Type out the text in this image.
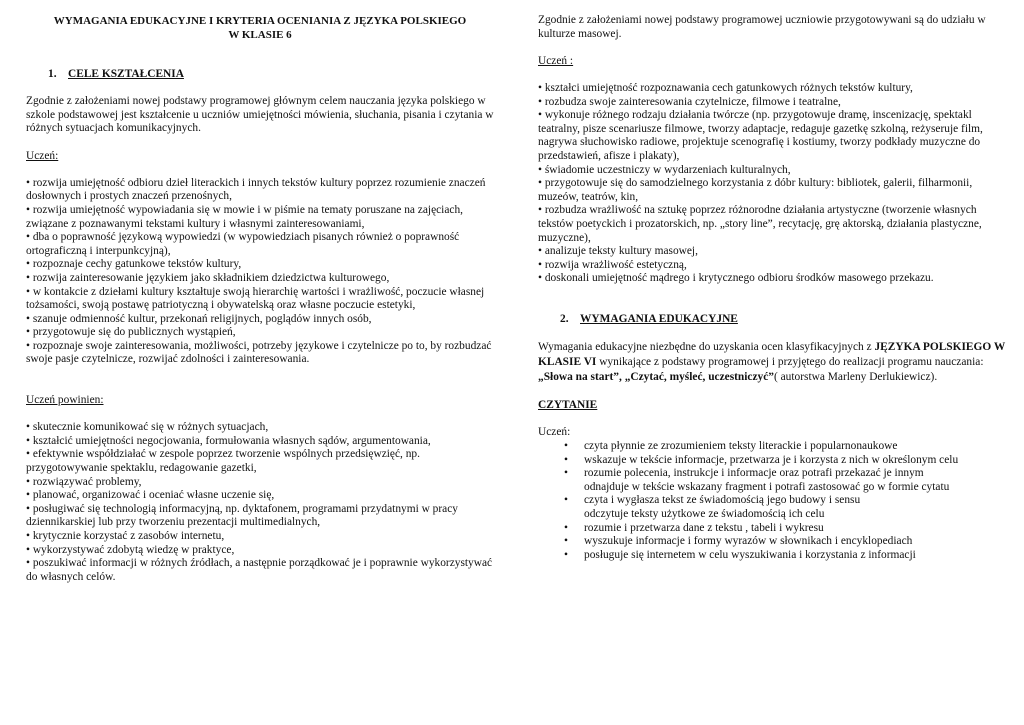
WYMAGANIA EDUKACYJNE I KRYTERIA OCENIANIA Z JĘZYKA POLSKIEGO
W KLASIE 6
1. CELE KSZTAŁCENIA

Zgodnie z założeniami nowej podstawy programowej głównym celem nauczania języka polskiego w szkole podstawowej jest kształcenie u uczniów umiejętności mówienia, słuchania, pisania i czytania w różnych sytuacjach komunikacyjnych.

Uczeń:

• rozwija umiejętność odbioru dzieł literackich i innych tekstów kultury poprzez rozumienie znaczeń dosłownych i prostych znaczeń przenośnych,

• rozwija umiejętność wypowiadania się w mowie i w piśmie na tematy poruszane na zajęciach, związane z poznawanymi tekstami kultury i własnymi zainteresowaniami,

• dba o poprawność językową wypowiedzi (w wypowiedziach pisanych również o poprawność ortograficzną i interpunkcyjną),

• rozpoznaje cechy gatunkowe tekstów kultury,

• rozwija zainteresowanie językiem jako składnikiem dziedzictwa kulturowego,

• w kontakcie z dziełami kultury kształtuje swoją hierarchię wartości i wrażliwość, poczucie własnej tożsamości, swoją postawę patriotyczną i obywatelską oraz własne poczucie estetyki,

• szanuje odmienność kultur, przekonań religijnych, poglądów innych osób,

• przygotowuje się do publicznych wystąpień,

• rozpoznaje swoje zainteresowania, możliwości, potrzeby językowe i czytelnicze po to, by rozbudzać swoje pasje czytelnicze, rozwijać zdolności i zainteresowania.

Uczeń powinien:

• skutecznie komunikować się w różnych sytuacjach,

• kształcić umiejętności negocjowania, formułowania własnych sądów, argumentowania,

• efektywnie współdziałać w zespole poprzez tworzenie wspólnych przedsięwzięć, np. przygotowywanie spektaklu, redagowanie gazetki,

• rozwiązywać problemy,

• planować, organizować i oceniać własne uczenie się,

• posługiwać się technologią informacyjną, np. dyktafonem, programami przydatnymi w pracy dziennikarskiej lub przy tworzeniu prezentacji multimedialnych,

• krytycznie korzystać z zasobów internetu,

• wykorzystywać zdobytą wiedzę w praktyce,

• poszukiwać informacji w różnych źródłach, a następnie porządkować je i poprawnie wykorzystywać do własnych celów.

Zgodnie z założeniami nowej podstawy programowej uczniowie przygotowywani są do udziału w kulturze masowej.

Uczeń :

• kształci umiejętność rozpoznawania cech gatunkowych różnych tekstów kultury,

• rozbudza swoje zainteresowania czytelnicze, filmowe i teatralne,

• wykonuje różnego rodzaju działania twórcze (np. przygotowuje dramę, inscenizację, spektakl teatralny, pisze scenariusze filmowe, tworzy adaptacje, redaguje gazetkę szkolną, reżyseruje film, nagrywa słuchowisko radiowe, projektuje scenografię i kostiumy, tworzy podkłady muzyczne do przedstawień, afisze i plakaty),

• świadomie uczestniczy w wydarzeniach kulturalnych,

• przygotowuje się do samodzielnego korzystania z dóbr kultury: bibliotek, galerii, filharmonii, muzeów, teatrów, kin,

• rozbudza wrażliwość na sztukę poprzez różnorodne działania artystyczne (tworzenie własnych tekstów poetyckich i prozatorskich, np. „story line”, recytację, grę aktorską, działania plastyczne, muzyczne),

• analizuje teksty kultury masowej,

• rozwija wrażliwość estetyczną,

• doskonali umiejętność mądrego i krytycznego odbioru środków masowego przekazu.

2. WYMAGANIA EDUKACYJNE

Wymagania edukacyjne niezbędne do uzyskania ocen klasyfikacyjnych z JĘZYKA POLSKIEGO W KLASIE VI wynikające z podstawy programowej i przyjętego do realizacji programu nauczania: „Słowa na start”, „Czytać, myśleć, uczestniczyć”( autorstwa Marleny Derlukiewicz).

CZYTANIE

Uczeń:

• czyta płynnie ze zrozumieniem teksty literackie i popularnonaukowe
• wskazuje w tekście informacje, przetwarza je i korzysta z nich w określonym celu
• rozumie polecenia, instrukcje i informacje oraz potrafi przekazać je innym

odnajduje w tekście wskazany fragment i potrafi zastosować go w formie cytatu

• czyta i wygłasza tekst ze świadomością jego budowy i sensu

odczytuje teksty użytkowe ze świadomością ich celu

• rozumie i przetwarza dane z tekstu , tabeli i wykresu
• wyszukuje informacje i formy wyrazów w słownikach i encyklopediach
• posługuje się internetem w celu wyszukiwania i korzystania z informacji
